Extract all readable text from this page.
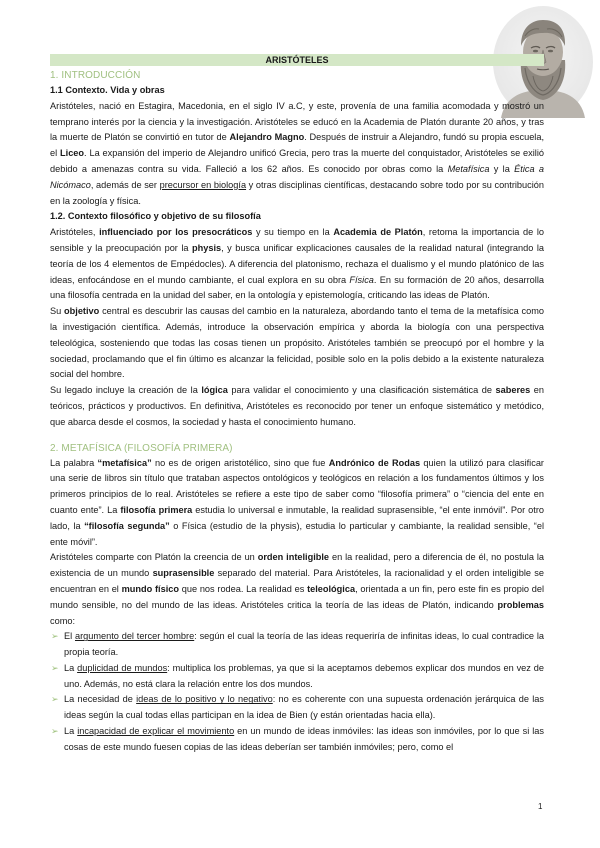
ARISTÓTELES
1. INTRODUCCIÓN
1.1 Contexto. Vida y obras

Aristóteles, nació en Estagira, Macedonia, en el siglo IV a.C, y este, provenía de una familia acomodada y mostró un temprano interés por la ciencia y la investigación. Aristóteles se educó en la Academia de Platón durante 20 años, y tras la muerte de Platón se convirtió en tutor de Alejandro Magno. Después de instruir a Alejandro, fundó su propia escuela, el Liceo. La expansión del imperio de Alejandro unificó Grecia, pero tras la muerte del conquistador, Aristóteles se exilió debido a amenazas contra su vida. Falleció a los 62 años. Es conocido por obras como la Metafísica y la Ética a Nicómaco, además de ser precursor en biología y otras disciplinas científicas, destacando sobre todo por su contribución en la zoología y física.

1.2. Contexto filosófico y objetivo de su filosofía

Aristóteles, influenciado por los presocráticos y su tiempo en la Academia de Platón, retoma la importancia de lo sensible y la preocupación por la physis, y busca unificar explicaciones causales de la realidad natural (integrando la teoría de los 4 elementos de Empédocles). A diferencia del platonismo, rechaza el dualismo y el mundo platónico de las ideas, enfocándose en el mundo cambiante, el cual explora en su obra Física. En su formación de 20 años, desarrolla una filosofía centrada en la unidad del saber, en la ontología y epistemología, criticando las ideas de Platón.

Su objetivo central es descubrir las causas del cambio en la naturaleza, abordando tanto el tema de la metafísica como la investigación científica. Además, introduce la observación empírica y aborda la biología con una perspectiva teleológica, sosteniendo que todas las cosas tienen un propósito. Aristóteles también se preocupó por el hombre y la sociedad, proclamando que el fin último es alcanzar la felicidad, posible solo en la polis debido a la existente naturaleza social del hombre.

Su legado incluye la creación de la lógica para validar el conocimiento y una clasificación sistemática de saberes en teóricos, prácticos y productivos. En definitiva, Aristóteles es reconocido por tener un enfoque sistemático y metódico, que abarca desde el cosmos, la sociedad y hasta el conocimiento humano.

2. METAFÍSICA (FILOSOFÍA PRIMERA)

La palabra “metafísica” no es de origen aristotélico, sino que fue Andrónico de Rodas quien la utilizó para clasificar una serie de libros sin título que trataban aspectos ontológicos y teológicos en relación a los fundamentos últimos y los primeros principios de lo real. Aristóteles se refiere a este tipo de saber como “filosofía primera” o “ciencia del ente en cuanto ente”. La filosofía primera estudia lo universal e inmutable, la realidad suprasensible, “el ente inmóvil”. Por otro lado, la “filosofía segunda” o Física (estudio de la physis), estudia lo particular y cambiante, la realidad sensible, “el ente móvil”.

Aristóteles comparte con Platón la creencia de un orden inteligible en la realidad, pero a diferencia de él, no postula la existencia de un mundo suprasensible separado del material. Para Aristóteles, la racionalidad y el orden inteligible se encuentran en el mundo físico que nos rodea. La realidad es teleológica, orientada a un fin, pero este fin es propio del mundo sensible, no del mundo de las ideas. Aristóteles critica la teoría de las ideas de Platón, indicando problemas como:

➢ El argumento del tercer hombre: según el cual la teoría de las ideas requeriría de infinitas ideas, lo cual contradice la propia teoría.
➢ La duplicidad de mundos: multiplica los problemas, ya que si la aceptamos debemos explicar dos mundos en vez de uno. Además, no está clara la relación entre los dos mundos.
➢ La necesidad de ideas de lo positivo y lo negativo: no es coherente con una supuesta ordenación jerárquica de las ideas según la cual todas ellas participan en la idea de Bien (y están orientadas hacia ella).
➢ La incapacidad de explicar el movimiento en un mundo de ideas inmóviles: las ideas son inmóviles, por lo que si las cosas de este mundo fuesen copias de las ideas deberían ser también inmóviles; pero, como el
1
